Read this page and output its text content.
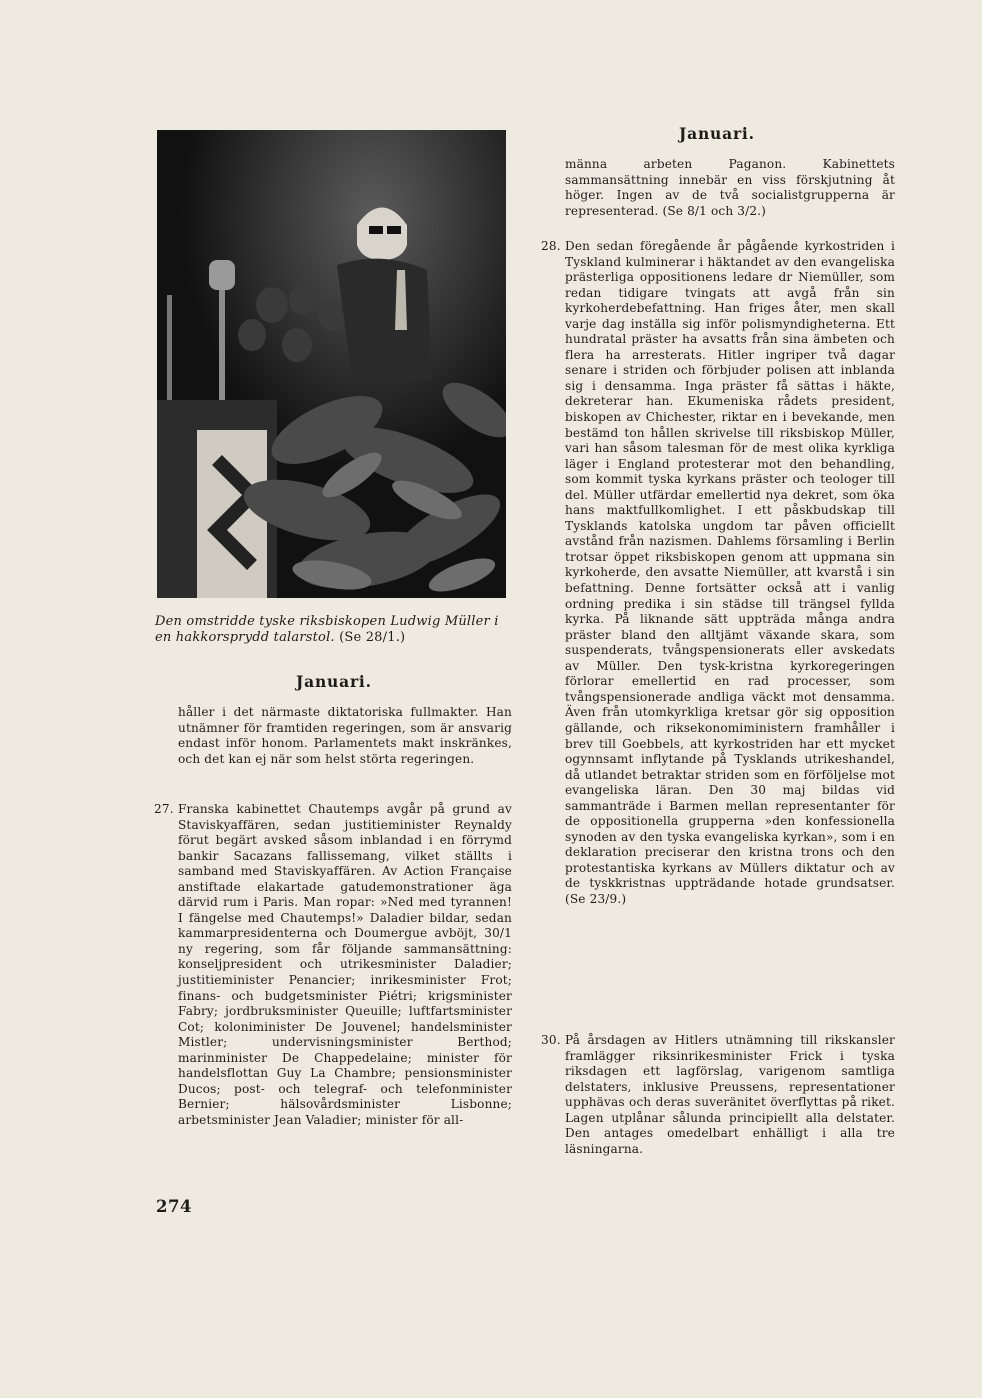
Den omstridde tyske riksbiskopen Ludwig Müller i en hakkorsprydd talarstol. (Se 28/1.)
Januari.
håller i det närmaste diktatoriska fullmakter. Han utnämner för framtiden regeringen, som är ansvarig endast inför honom. Parlamentets makt inskränkes, och det kan ej när som helst störta regeringen.
27. Franska kabinettet Chautemps avgår på grund av Staviskyaffären, sedan justitieminister Reynaldy förut begärt avsked såsom inblandad i en förrymd bankir Sacazans fallissemang, vilket ställts i samband med Staviskyaffären. Av Action Française anstiftade elakartade gatudemonstrationer äga därvid rum i Paris. Man ropar: »Ned med tyrannen! I fängelse med Chautemps!» Daladier bildar, sedan kammarpresidenterna och Doumergue avböjt, 30/1 ny regering, som får följande sammansättning: konseljpresident och utrikesminister Daladier; justitieminister Penancier; inrikesminister Frot; finans- och budgetsminister Piétri; krigsminister Fabry; jordbruksminister Queuille; luftfartsminister Cot; koloniminister De Jouvenel; handelsminister Mistler; undervisningsminister Berthod; marinminister De Chappedelaine; minister för handelsflottan Guy La Chambre; pensionsminister Ducos; post- och telegraf- och telefonminister Bernier; hälsovårdsminister Lisbonne; arbetsminister Jean Valadier; minister för all-
Januari.
männa arbeten Paganon. Kabinettets sammansättning innebär en viss förskjutning åt höger. Ingen av de två socialistgrupperna är representerad. (Se 8/1 och 3/2.)
28. Den sedan föregående år pågående kyrkostriden i Tyskland kulminerar i häktandet av den evangeliska prästerliga oppositionens ledare dr Niemüller, som redan tidigare tvingats att avgå från sin kyrkoherdebefattning. Han friges åter, men skall varje dag inställa sig inför polismyndigheterna. Ett hundratal präster ha avsatts från sina ämbeten och flera ha arresterats. Hitler ingriper två dagar senare i striden och förbjuder polisen att inblanda sig i densamma. Inga präster få sättas i häkte, dekreterar han. Ekumeniska rådets president, biskopen av Chichester, riktar en i bevekande, men bestämd ton hållen skrivelse till riksbiskop Müller, vari han såsom talesman för de mest olika kyrkliga läger i England protesterar mot den behandling, som kommit tyska kyrkans präster och teologer till del. Müller utfärdar emellertid nya dekret, som öka hans maktfullkomlighet. I ett påskbudskap till Tysklands katolska ungdom tar påven officiellt avstånd från nazismen. Dahlems församling i Berlin trotsar öppet riksbiskopen genom att uppmana sin kyrkoherde, den avsatte Niemüller, att kvarstå i sin befattning. Denne fortsätter också att i vanlig ordning predika i sin städse till trängsel fyllda kyrka. På liknande sätt uppträda många andra präster bland den alltjämt växande skara, som suspenderats, tvångspensionerats eller avskedats av Müller. Den tysk-kristna kyrkoregeringen förlorar emellertid en rad processer, som tvångspensionerade andliga väckt mot densamma. Även från utomkyrkliga kretsar gör sig opposition gällande, och riksekonomiministern framhåller i brev till Goebbels, att kyrkostriden har ett mycket ogynnsamt inflytande på Tysklands utrikeshandel, då utlandet betraktar striden som en förföljelse mot evangeliska läran. Den 30 maj bildas vid sammanträde i Barmen mellan representanter för de oppositionella grupperna »den konfessionella synoden av den tyska evangeliska kyrkan», som i en deklaration preciserar den kristna trons och den protestantiska kyrkans av Müllers diktatur och av de tyskkristnas uppträdande hotade grundsatser. (Se 23/9.)
30. På årsdagen av Hitlers utnämning till rikskansler framlägger riksinrikesminister Frick i tyska riksdagen ett lagförslag, varigenom samtliga delstaters, inklusive Preussens, representationer upphävas och deras suveränitet överflyttas på riket. Lagen utplånar sålunda principiellt alla delstater. Den antages omedelbart enhälligt i alla tre läsningarna.
274
